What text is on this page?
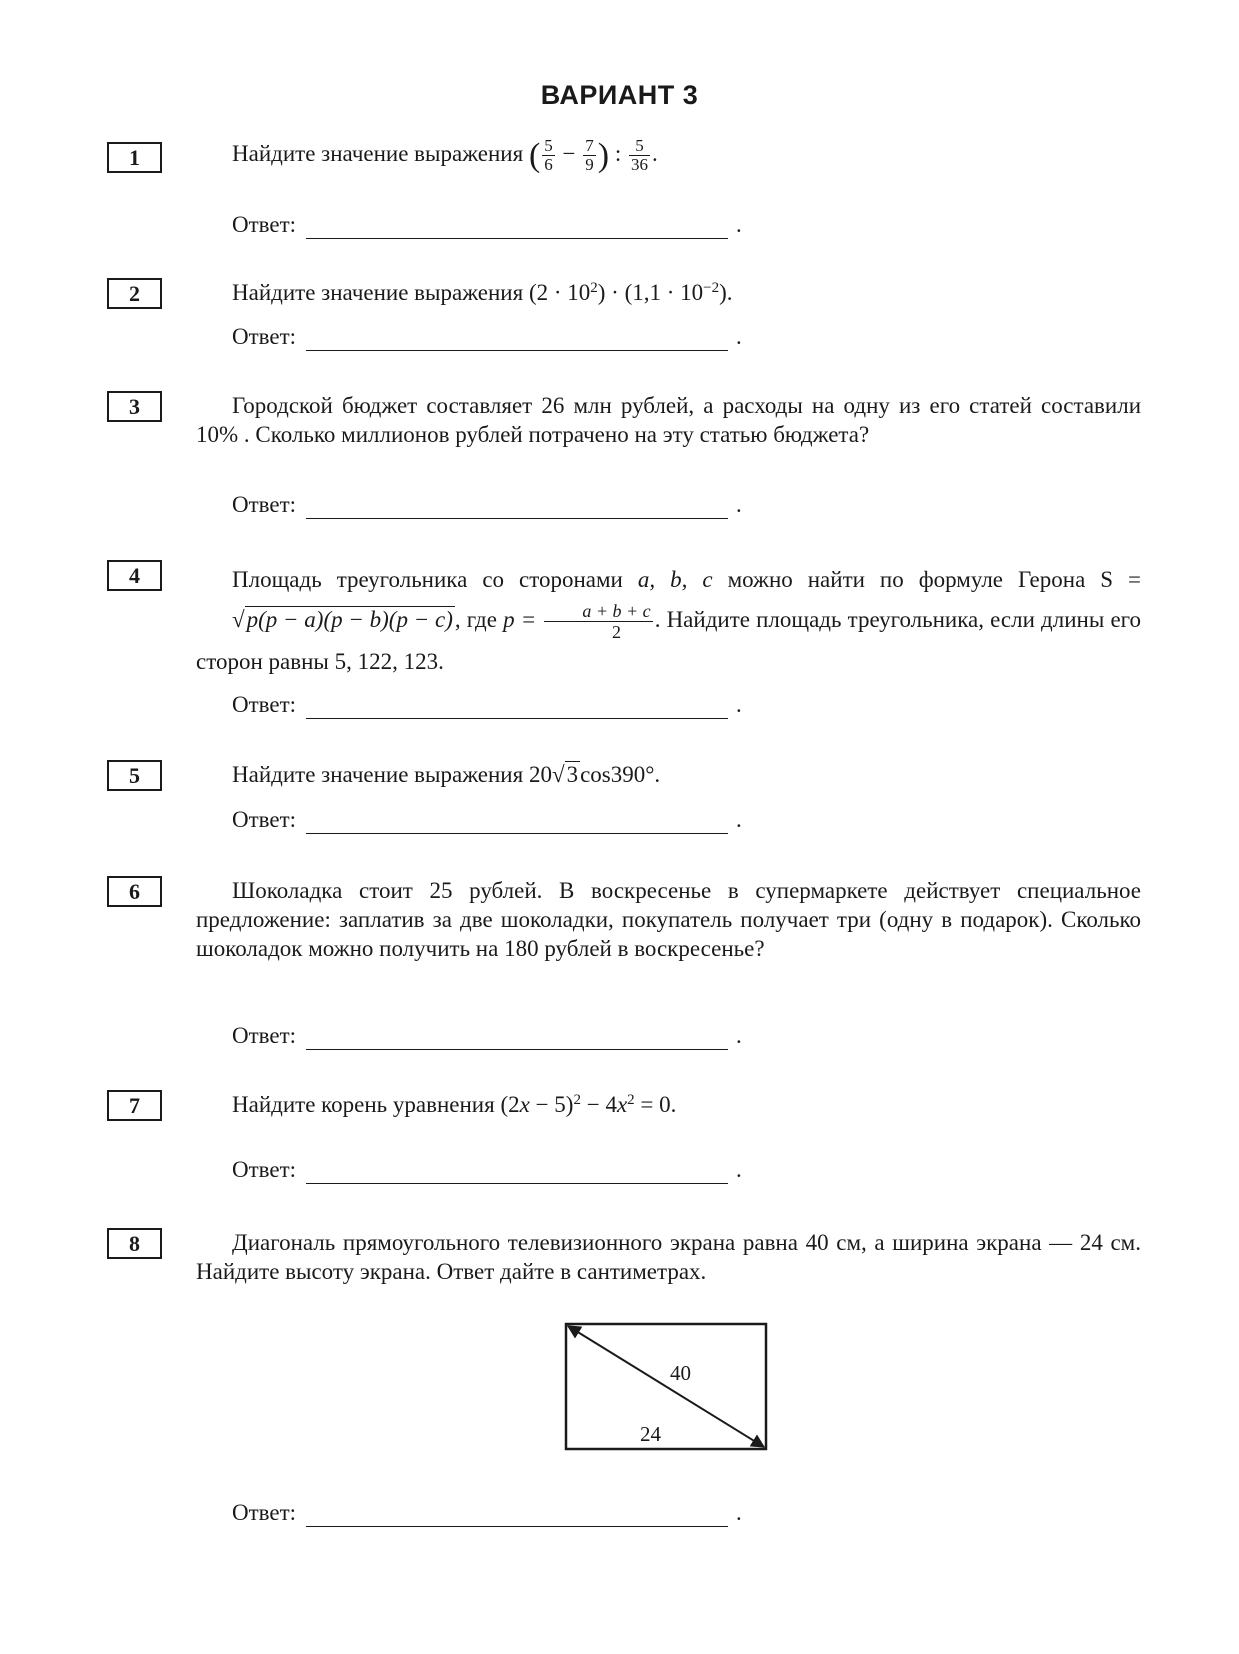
ВАРИАНТ 3
1	Найдите значение выражения ( $\frac{5}{6} - \frac{7}{9}$ ) : $\frac{5}{36}$ .
Ответ:	.
2	Найдите значение выражения $(2 \cdot 10^2) \cdot (1,1 \cdot 10^{-2})$.
Ответ:	.
3	Городской бюджет составляет 26 млн рублей, а расходы на одну из его статей составили 10% . Сколько миллионов рублей потрачено на эту статью бюджета?
Ответ:	.
4	Площадь треугольника со сторонами a, b, c можно найти по формуле Герона S = √p(p − a)(p − b)(p − c), где $p = \frac{a + b + c}{2}$ . Найдите площадь треугольника, если длины его сторон равны 5, 122, 123.
Ответ:	.
5	Найдите значение выражения 20√3cos390°.
Ответ:	.
6	Шоколадка стоит 25 рублей. В воскресенье в супермаркете действует специальное предложение: заплатив за две шоколадки, покупатель получает три (одну в подарок). Сколько шоколадок можно получить на 180 рублей в воскресенье?
Ответ:	.
7	Найдите корень уравнения $(2x - 5)^2 - 4x^2 = 0$.
Ответ:	.
8	Диагональ прямоугольного телевизионного экрана равна 40 см, а ширина экрана — 24 см. Найдите высоту экрана. Ответ дайте в сантиметрах.
40
24
Ответ:	.
